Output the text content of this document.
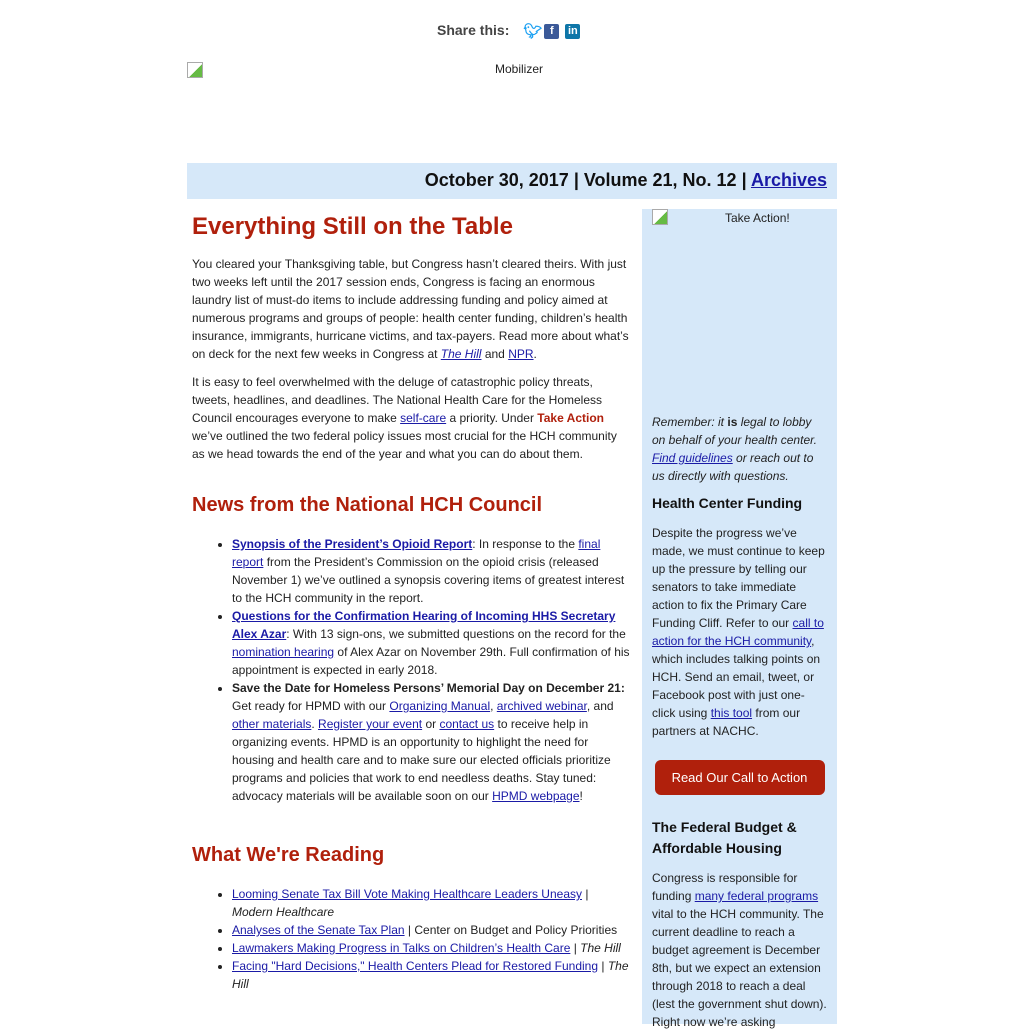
Share this: 🐦︎ f	in
Mobilizer
October 30, 2017 | Volume 21, No. 12 | Archives
Everything Still on the Table

You cleared your Thanksgiving table, but Congress hasn’t cleared theirs. With just two weeks left until the 2017 session ends, Congress is facing an enormous laundry list of must-do items to include addressing funding and policy aimed at numerous programs and groups of people: health center funding, children’s health insurance, immigrants, hurricane victims, and tax-payers. Read more about what’s on deck for the next few weeks in Congress at The Hill and NPR.

It is easy to feel overwhelmed with the deluge of catastrophic policy threats, tweets, headlines, and deadlines. The National Health Care for the Homeless Council encourages everyone to make self-care a priority. Under Take Action we’ve outlined the two federal policy issues most crucial for the HCH community as we head towards the end of the year and what you can do about them.

News from the National HCH Council
• Synopsis of the President’s Opioid Report: In response to the final report from the President’s Commission on the opioid crisis (released November 1) we’ve outlined a synopsis covering items of greatest interest to the HCH community in the report.
• Questions for the Confirmation Hearing of Incoming HHS Secretary Alex Azar: With 13 sign-ons, we submitted questions on the record for the nomination hearing of Alex Azar on November 29th. Full confirmation of his appointment is expected in early 2018.
• Save the Date for Homeless Persons’ Memorial Day on December 21: Get ready for HPMD with our Organizing Manual, archived webinar, and other materials. Register your event or contact us to receive help in organizing events. HPMD is an opportunity to highlight the need for housing and health care and to make sure our elected officials prioritize programs and policies that work to end needless deaths. Stay tuned: advocacy materials will be available soon on our HPMD webpage!
What We're Reading
• Looming Senate Tax Bill Vote Making Healthcare Leaders Uneasy | Modern Healthcare
• Analyses of the Senate Tax Plan | Center on Budget and Policy Priorities
• Lawmakers Making Progress in Talks on Children’s Health Care | The Hill
• Facing "Hard Decisions," Health Centers Plead for Restored Funding | The Hill
Take Action!

Remember: it is legal to lobby on behalf of your health center. Find guidelines or reach out to us directly with questions.

Health Center Funding

Despite the progress we’ve made, we must continue to keep up the pressure by telling our senators to take immediate action to fix the Primary Care Funding Cliff. Refer to our call to action for the HCH community, which includes talking points on HCH. Send an email, tweet, or Facebook post with just one-click using this tool from our partners at NACHC.

Read Our Call to Action
The Federal Budget & Affordable Housing

Congress is responsible for funding many federal programs vital to the HCH community. The current deadline to reach a budget agreement is December 8th, but we expect an extension through 2018 to reach a deal (lest the government shut down). Right now we’re asking
